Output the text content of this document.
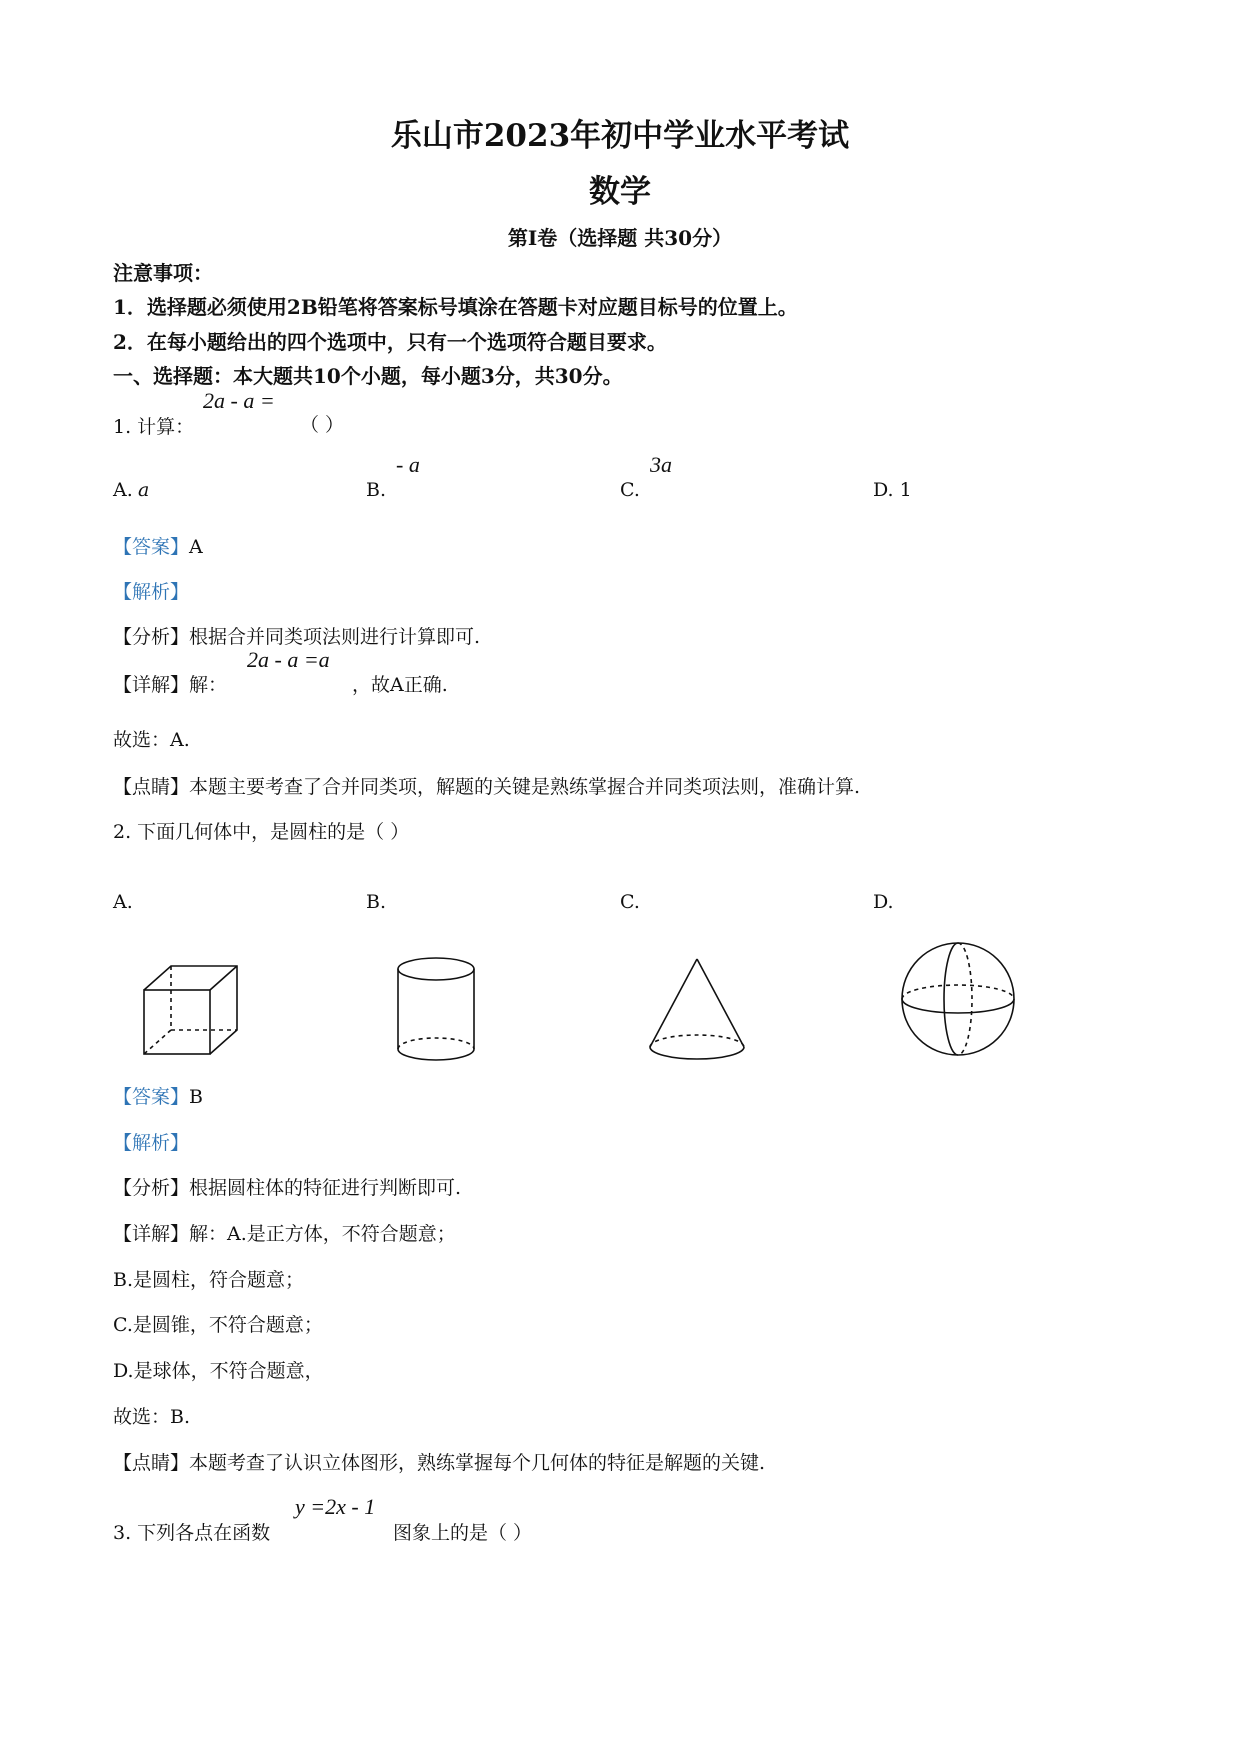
乐山市2023年初中学业水平考试
数学
第I卷（选择题 共30分）
注意事项：
1．选择题必须使用2B铅笔将答案标号填涂在答题卡对应题目标号的位置上。
2．在每小题给出的四个选项中，只有一个选项符合题目要求。
一、选择题：本大题共10个小题，每小题3分，共30分。
1. 计算：
2a - a =
（ ）
A. a	B.
- a
C.
3a
D. 1
【答案】A
【解析】
【分析】根据合并同类项法则进行计算即可.
【详解】解：
2a - a =a
，故A正确.
故选：A.
【点睛】本题主要考查了合并同类项，解题的关键是熟练掌握合并同类项法则，准确计算.
2. 下面几何体中，是圆柱的是（ ）
A.	B.	C.	D.
【答案】B
【解析】
【分析】根据圆柱体的特征进行判断即可.
【详解】解：A.是正方体，不符合题意；
B.是圆柱，符合题意；
C.是圆锥，不符合题意；
D.是球体，不符合题意，
故选：B.
【点睛】本题考查了认识立体图形，熟练掌握每个几何体的特征是解题的关键.
3. 下列各点在函数
y =2x - 1
图象上的是（ ）
